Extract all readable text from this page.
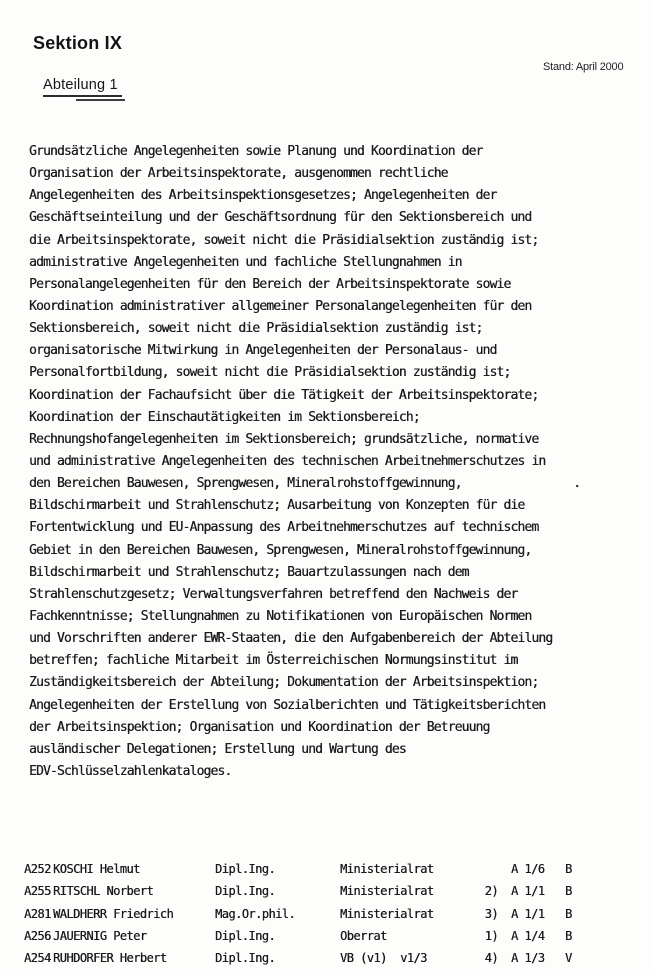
Sektion IX
Stand: April 2000
Abteilung 1
Grundsätzliche Angelegenheiten sowie Planung und Koordination der
Organisation der Arbeitsinspektorate, ausgenommen rechtliche
Angelegenheiten des Arbeitsinspektionsgesetzes; Angelegenheiten der
Geschäftseinteilung und der Geschäftsordnung für den Sektionsbereich und
die Arbeitsinspektorate, soweit nicht die Präsidialsektion zuständig ist;
administrative Angelegenheiten und fachliche Stellungnahmen in
Personalangelegenheiten für den Bereich der Arbeitsinspektorate sowie
Koordination administrativer allgemeiner Personalangelegenheiten für den
Sektionsbereich, soweit nicht die Präsidialsektion zuständig ist;
organisatorische Mitwirkung in Angelegenheiten der Personalaus- und
Personalfortbildung, soweit nicht die Präsidialsektion zuständig ist;
Koordination der Fachaufsicht über die Tätigkeit der Arbeitsinspektorate;
Koordination der Einschautätigkeiten im Sektionsbereich;
Rechnungshofangelegenheiten im Sektionsbereich; grundsätzliche, normative
und administrative Angelegenheiten des technischen Arbeitnehmerschutzes in
den Bereichen Bauwesen, Sprengwesen, Mineralrohstoffgewinnung,                .
Bildschirmarbeit und Strahlenschutz; Ausarbeitung von Konzepten für die
Fortentwicklung und EU-Anpassung des Arbeitnehmerschutzes auf technischem
Gebiet in den Bereichen Bauwesen, Sprengwesen, Mineralrohstoffgewinnung,
Bildschirmarbeit und Strahlenschutz; Bauartzulassungen nach dem
Strahlenschutzgesetz; Verwaltungsverfahren betreffend den Nachweis der
Fachkenntnisse; Stellungnahmen zu Notifikationen von Europäischen Normen
und Vorschriften anderer EWR-Staaten, die den Aufgabenbereich der Abteilung
betreffen; fachliche Mitarbeit im Österreichischen Normungsinstitut im
Zuständigkeitsbereich der Abteilung; Dokumentation der Arbeitsinspektion;
Angelegenheiten der Erstellung von Sozialberichten und Tätigkeitsberichten
der Arbeitsinspektion; Organisation und Koordination der Betreuung
ausländischer Delegationen; Erstellung und Wartung des
EDV-Schlüsselzahlenkataloges.
A252 KOSCHI Helmut	Dipl.Ing.	Ministerialrat	A 1/6 B
A255 RITSCHL Norbert	Dipl.Ing.	Ministerialrat	2) A 1/1 B
A281 WALDHERR Friedrich	Mag.Or.phil.	Ministerialrat	3) A 1/1 B
A256 JAUERNIG Peter	Dipl.Ing.	Oberrat	1) A 1/4 B
A254 RUHDORFER Herbert	Dipl.Ing.	VB (v1)  v1/3	4) A 1/3 V
